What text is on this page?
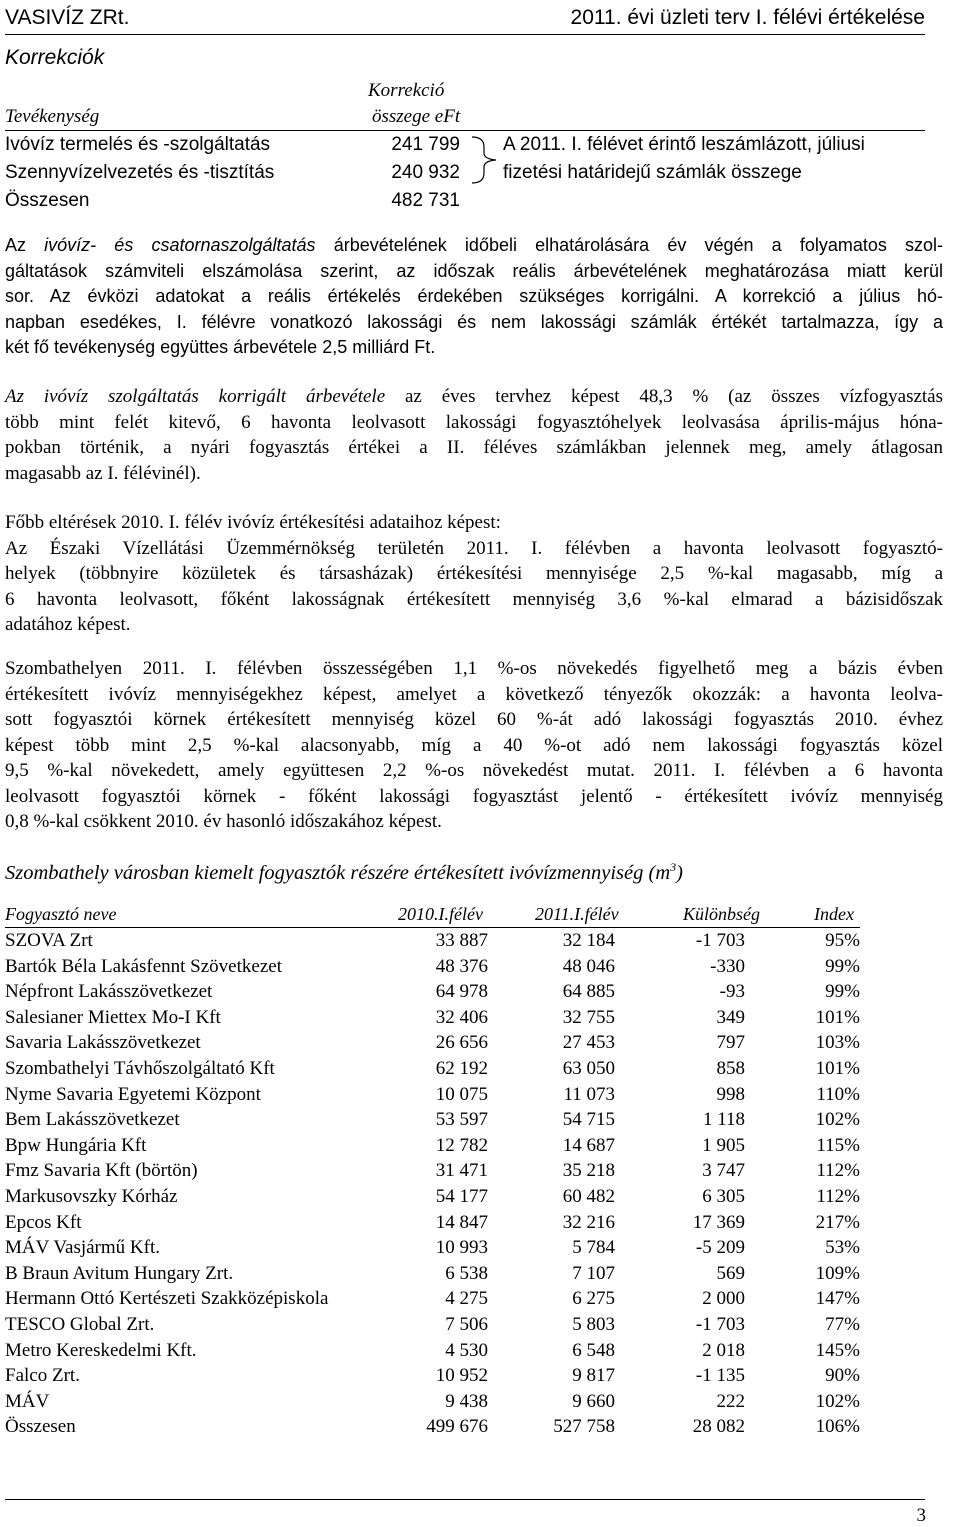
VASIVÍZ ZRt.	2011. évi üzleti terv I. félévi értékelése
Korrekciók
Korrekció
Tevékenység	összege eFt
Ivóvíz termelés és -szolgáltatás	241 799
Szennyvízelvezetés és -tisztítás	240 932
A 2011. I. félévet érintő leszámlázott, júliusi
fizetési határidejű számlák összege
Összesen	482 731
Az ivóvíz- és csatornaszolgáltatás árbevételének időbeli elhatárolására év végén a folyamatos szol-
gáltatások számviteli elszámolása szerint, az időszak reális árbevételének meghatározása miatt kerül
sor. Az évközi adatokat a reális értékelés érdekében szükséges korrigálni. A korrekció a július hó-
napban esedékes, I. félévre vonatkozó lakossági és nem lakossági számlák értékét tartalmazza, így a
két fő tevékenység együttes árbevétele 2,5 milliárd Ft.
Az ivóvíz szolgáltatás korrigált árbevétele az éves tervhez képest 48,3 % (az összes vízfogyasztás
több mint felét kitevő, 6 havonta leolvasott lakossági fogyasztóhelyek leolvasása április-május hóna-
pokban történik, a nyári fogyasztás értékei a II. féléves számlákban jelennek meg, amely átlagosan
magasabb az I. félévinél).
Főbb eltérések 2010. I. félév ivóvíz értékesítési adataihoz képest:
Az Északi Vízellátási Üzemmérnökség területén 2011. I. félévben a havonta leolvasott fogyasztó-
helyek (többnyire közületek és társasházak) értékesítési mennyisége 2,5 %-kal magasabb, míg a
6 havonta leolvasott, főként lakosságnak értékesített mennyiség 3,6 %-kal elmarad a bázisidőszak
adatához képest.
Szombathelyen 2011. I. félévben összességében 1,1 %-os növekedés figyelhető meg a bázis évben
értékesített ivóvíz mennyiségekhez képest, amelyet a következő tényezők okozzák: a havonta leolva-
sott fogyasztói körnek értékesített mennyiség közel 60 %-át adó lakossági fogyasztás 2010. évhez
képest több mint 2,5 %-kal alacsonyabb, míg a 40 %-ot adó nem lakossági fogyasztás közel
9,5 %-kal növekedett, amely együttesen 2,2 %-os növekedést mutat. 2011. I. félévben a 6 havonta
leolvasott fogyasztói körnek - főként lakossági fogyasztást jelentő - értékesített ivóvíz mennyiség
0,8 %-kal csökkent 2010. év hasonló időszakához képest.
Szombathely városban kiemelt fogyasztók részére értékesített ivóvízmennyiség $(m^3)$
Fogyasztó neve	2010.I.félév	2011.I.félév	Különbség	Index
SZOVA Zrt	33 887	32 184	-1 703	95%
Bartók Béla Lakásfennt Szövetkezet	48 376	48 046	-330	99%
Népfront Lakásszövetkezet	64 978	64 885	-93	99%
Salesianer Miettex Mo-I Kft	32 406	32 755	349	101%
Savaria Lakásszövetkezet	26 656	27 453	797	103%
Szombathelyi Távhőszolgáltató Kft	62 192	63 050	858	101%
Nyme Savaria Egyetemi Központ	10 075	11 073	998	110%
Bem Lakásszövetkezet	53 597	54 715	1 118	102%
Bpw Hungária Kft	12 782	14 687	1 905	115%
Fmz Savaria Kft (börtön)	31 471	35 218	3 747	112%
Markusovszky Kórház	54 177	60 482	6 305	112%
Epcos Kft	14 847	32 216	17 369	217%
MÁV Vasjármű Kft.	10 993	5 784	-5 209	53%
B Braun Avitum Hungary Zrt.	6 538	7 107	569	109%
Hermann Ottó Kertészeti Szakközépiskola	4 275	6 275	2 000	147%
TESCO Global Zrt.	7 506	5 803	-1 703	77%
Metro Kereskedelmi Kft.	4 530	6 548	2 018	145%
Falco Zrt.	10 952	9 817	-1 135	90%
MÁV	9 438	9 660	222	102%
Összesen	499 676	527 758	28 082	106%
3
